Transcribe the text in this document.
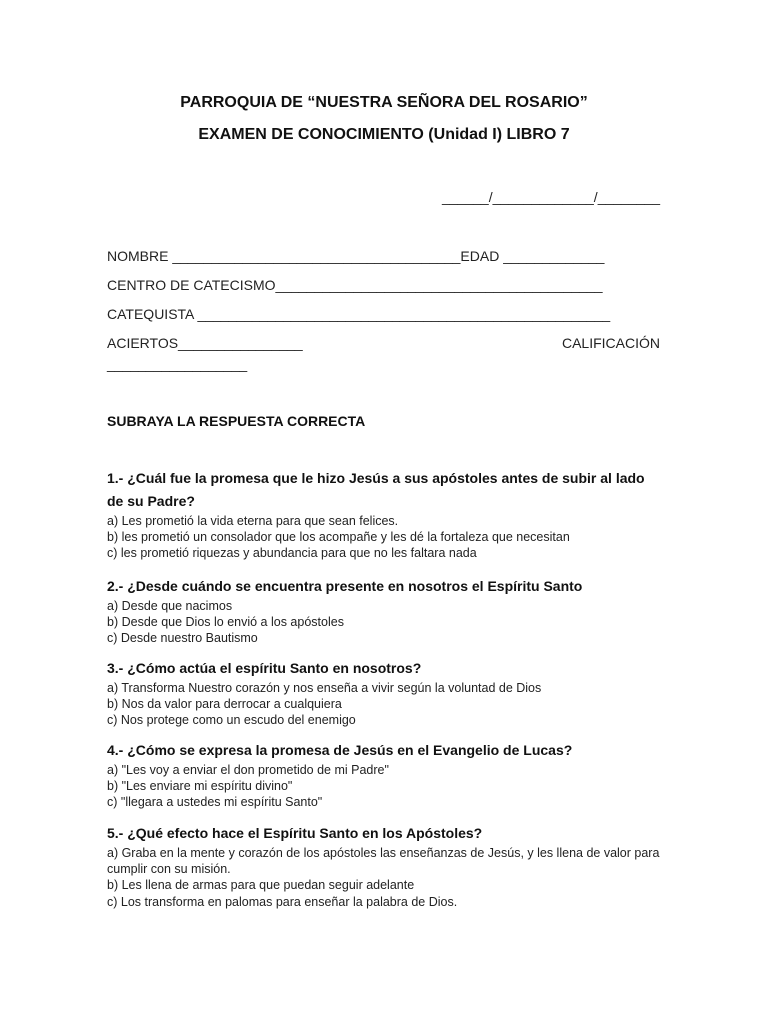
PARROQUIA DE “NUESTRA SEÑORA DEL ROSARIO”
EXAMEN DE CONOCIMIENTO (Unidad I) LIBRO 7
______/_____________/________
NOMBRE _____________________________________EDAD _____________
CENTRO DE CATECISMO__________________________________________
CATEQUISTA _____________________________________________________
ACIERTOS________________	CALIFICACIÓN
__________________
SUBRAYA LA RESPUESTA CORRECTA
1.- ¿Cuál fue la promesa que le hizo Jesús a sus apóstoles antes de subir al lado de su Padre?
a) Les prometió la vida eterna para que sean felices.
b) les prometió un consolador que los acompañe y les dé la fortaleza que necesitan
c) les prometió riquezas y abundancia para que no les faltara nada
2.- ¿Desde cuándo se encuentra presente en nosotros el Espíritu Santo
a) Desde que nacimos
b) Desde que Dios lo envió a los apóstoles
c) Desde nuestro Bautismo
3.- ¿Cómo actúa el espíritu Santo en nosotros?
a) Transforma Nuestro corazón y nos enseña a vivir según la voluntad de Dios
b) Nos da valor para derrocar a cualquiera
c) Nos protege como un escudo del enemigo
4.- ¿Cómo se expresa la promesa de Jesús en el Evangelio de Lucas?
a) "Les voy a enviar el don prometido de mi Padre"
b) "Les enviare mi espíritu divino"
c) "llegara a ustedes mi espíritu Santo"
5.- ¿Qué efecto hace el Espíritu Santo en los Apóstoles?
a) Graba en la mente y corazón de los apóstoles las enseñanzas de Jesús, y les llena de valor para cumplir con su misión.
b) Les llena de armas para que puedan seguir adelante
c) Los transforma en palomas para enseñar la palabra de Dios.
